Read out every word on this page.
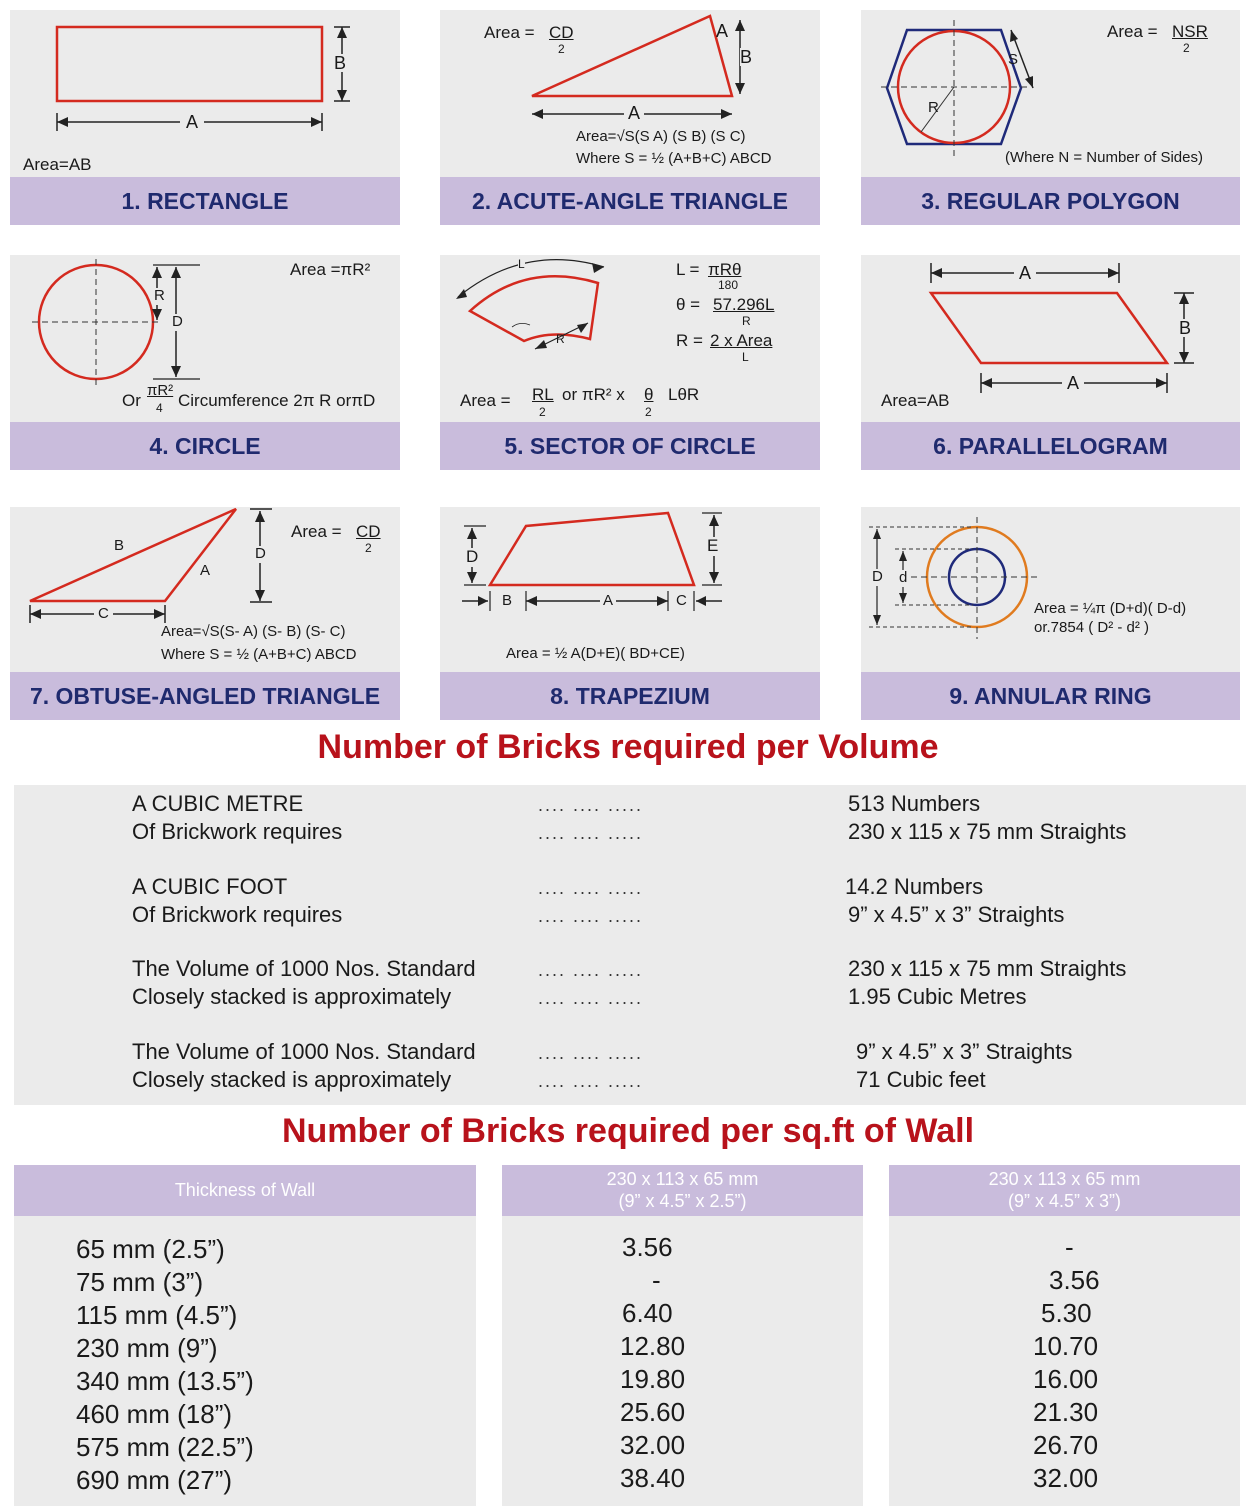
B
A
Area=AB
1. RECTANGLE
Area = CD
2
A
B
A
Area=√S(S A) (S B) (S C)
Where S = ½ (A+B+C) ABCD
2. ACUTE-ANGLE TRIANGLE
S
R
Area = NSR
2
(Where N = Number of Sides)
3. REGULAR POLYGON
R
D
Area =πR²
Or
πR²
4 Circumference 2π R orπD
4. CIRCLE
L
R
L = πRθ
180
θ = 57.296L
R
R = 2 x Area
L
Area = RL
2
or πR² x θ
2
LθR
5. SECTOR OF CIRCLE
A
B
A
Area=AB
6. PARALLELOGRAM
B
A
C
D
Area = CD
2
Area=√S(S- A) (S- B) (S- C)
Where S = ½ (A+B+C) ABCD
7. OBTUSE-ANGLED TRIANGLE
D
E
B	A	C
Area = ½ A(D+E)( BD+CE)
8. TRAPEZIUM
D d
Area = ¼π (D+d)( D-d)
or.7854 ( D² - d² )
9. ANNULAR RING
Number of Bricks required per Volume
A CUBIC METRE
Of Brickwork requires
.... .... .....
.... .... .....
513 Numbers
230 x 115 x 75 mm Straights
A CUBIC FOOT
Of Brickwork requires
.... .... .....
.... .... .....
14.2 Numbers
9” x 4.5” x 3” Straights
The Volume of 1000 Nos. Standard
Closely stacked is approximately
.... .... .....
.... .... .....
230 x 115 x 75 mm Straights
1.95 Cubic Metres
The Volume of 1000 Nos. Standard
Closely stacked is approximately
.... .... .....
.... .... .....
9” x 4.5” x 3” Straights
71 Cubic feet
Number of Bricks required per sq.ft of Wall
Thickness of Wall
230 x 113 x 65 mm
(9” x 4.5” x 2.5”)
230 x 113 x 65 mm
(9” x 4.5” x 3”)
65 mm (2.5”)
75 mm (3”)
115 mm (4.5”)
230 mm (9”)
340 mm (13.5”)
460 mm (18”)
575 mm (22.5”)
690 mm (27”)
3.56
-
6.40
12.80
19.80
25.60
32.00
38.40
-
3.56
5.30
10.70
16.00
21.30
26.70
32.00
